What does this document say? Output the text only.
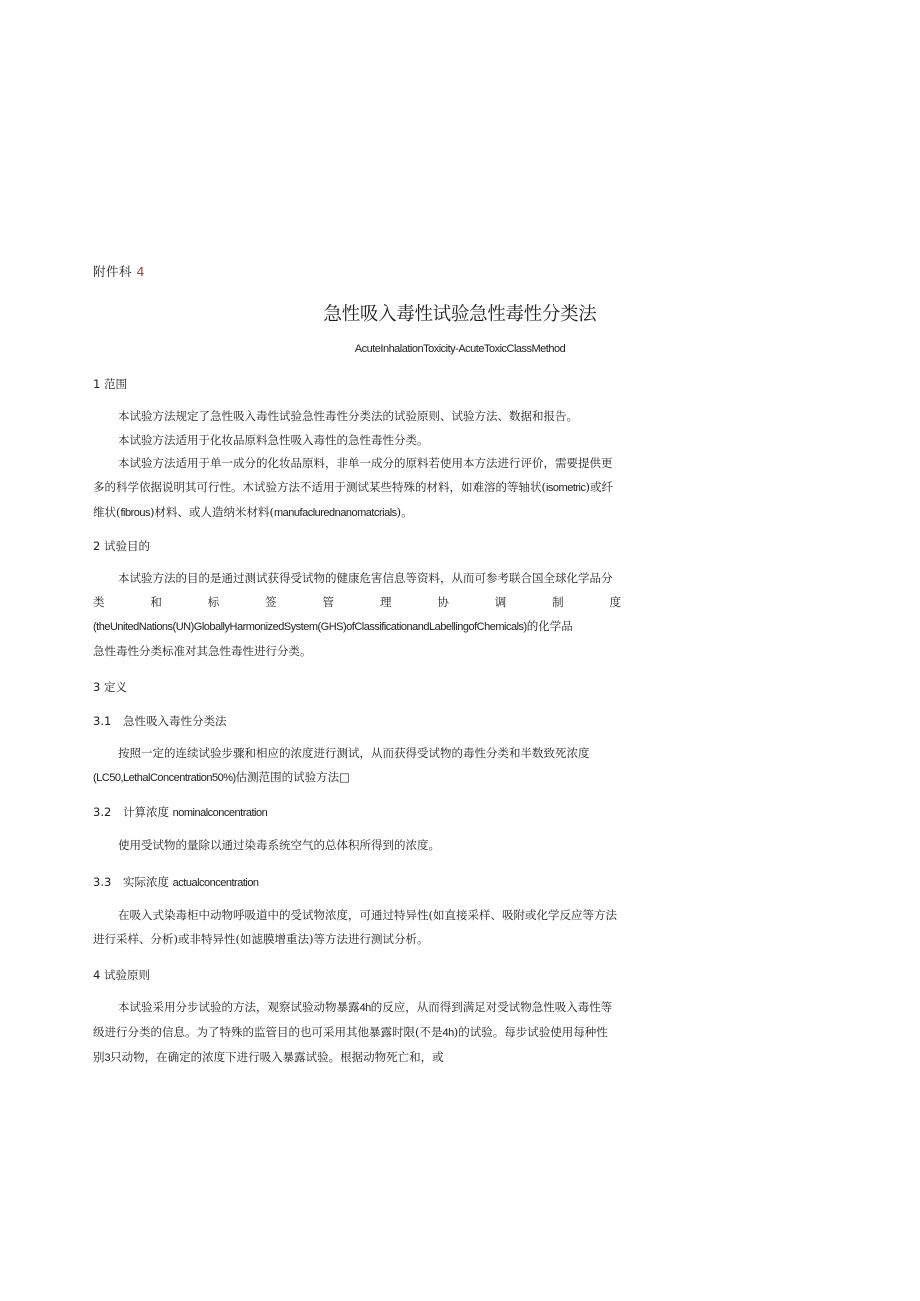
附件科 4
急性吸入毒性试验急性毒性分类法
AcuteInhalationToxicity-AcuteToxicClassMethod
1 范围
本试验方法规定了急性吸入毒性试验急性毒性分类法的试验原则、试验方法、数据和报告。
本试验方法适用于化妆品原料急性吸入毒性的急性毒性分类。
本试验方法适用于单一成分的化妆品原料，非单一成分的原料若使用本方法进行评价，需要提供更
多的科学依据说明其可行性。木试验方法不适用于测试某些特殊的材料，如难溶的等轴状(isometric)或纤
维状(fibrous)材料、或人造纳米材料(manufaclurednanomatcrials)。
2 试验目的
本试验方法的目的是通过测试获得受试物的健康危害信息等资料，从而可参考联合国全球化学品分
类 和 标 签 管 理 协 调 制 度
(theUnitedNations(UN)GloballyHarmonizedSystem(GHS)ofClassificationandLabellingofChemicals)的化学品
急性毒性分类标准对其急性毒性进行分类。
3 定义
3.1 急性吸入毒性分类法
按照一定的连续试验步骤和相应的浓度进行测试，从而获得受试物的毒性分类和半数致死浓度
(LC50,LethalConcentration50%)估测范围的试验方法□
3.2 计算浓度 nominalconcentration
使用受试物的量除以通过染毒系统空气的总体积所得到的浓度。
3.3 实际浓度 actualconcentration
在吸入式染毒柜中动物呼吸道中的受试物浓度，可通过特异性(如直接采样、吸附或化学反应等方法
进行采样、分析)或非特异性(如滤膜增重法)等方法进行测试分析。
4 试验原则
本试验采用分步试验的方法，观察试验动物暴露4h的反应，从而得到满足对受试物急性吸入毒性等
级进行分类的信息。为了特殊的监管目的也可采用其他暴露时限(不是4h)的试验。每步试验使用每种性
别3只动物，在确定的浓度下进行吸入暴露试验。根据动物死亡和，或
